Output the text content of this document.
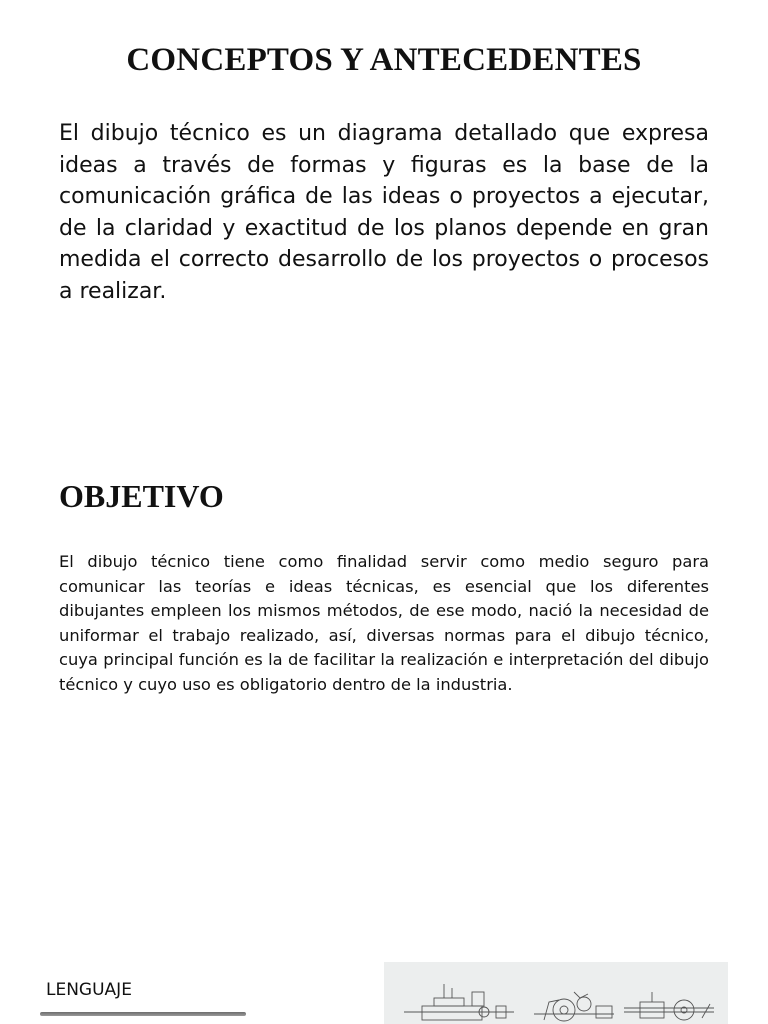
CONCEPTOS Y ANTECEDENTES

El dibujo técnico es un diagrama detallado que expresa ideas a través de formas y figuras es la base de la comunicación gráfica de las ideas o proyectos a ejecutar, de la claridad y exactitud de los planos depende en gran medida el correcto desarrollo de los proyectos o procesos a realizar.

OBJETIVO

El dibujo técnico tiene como finalidad servir como medio seguro para comunicar las teorías e ideas técnicas, es esencial que los diferentes dibujantes empleen los mismos métodos, de ese modo, nació la necesidad de uniformar el trabajo realizado, así, diversas normas para el dibujo técnico, cuya principal función es la de facilitar la realización e interpretación del dibujo técnico y cuyo uso es obligatorio dentro de la industria.

LENGUAJE
